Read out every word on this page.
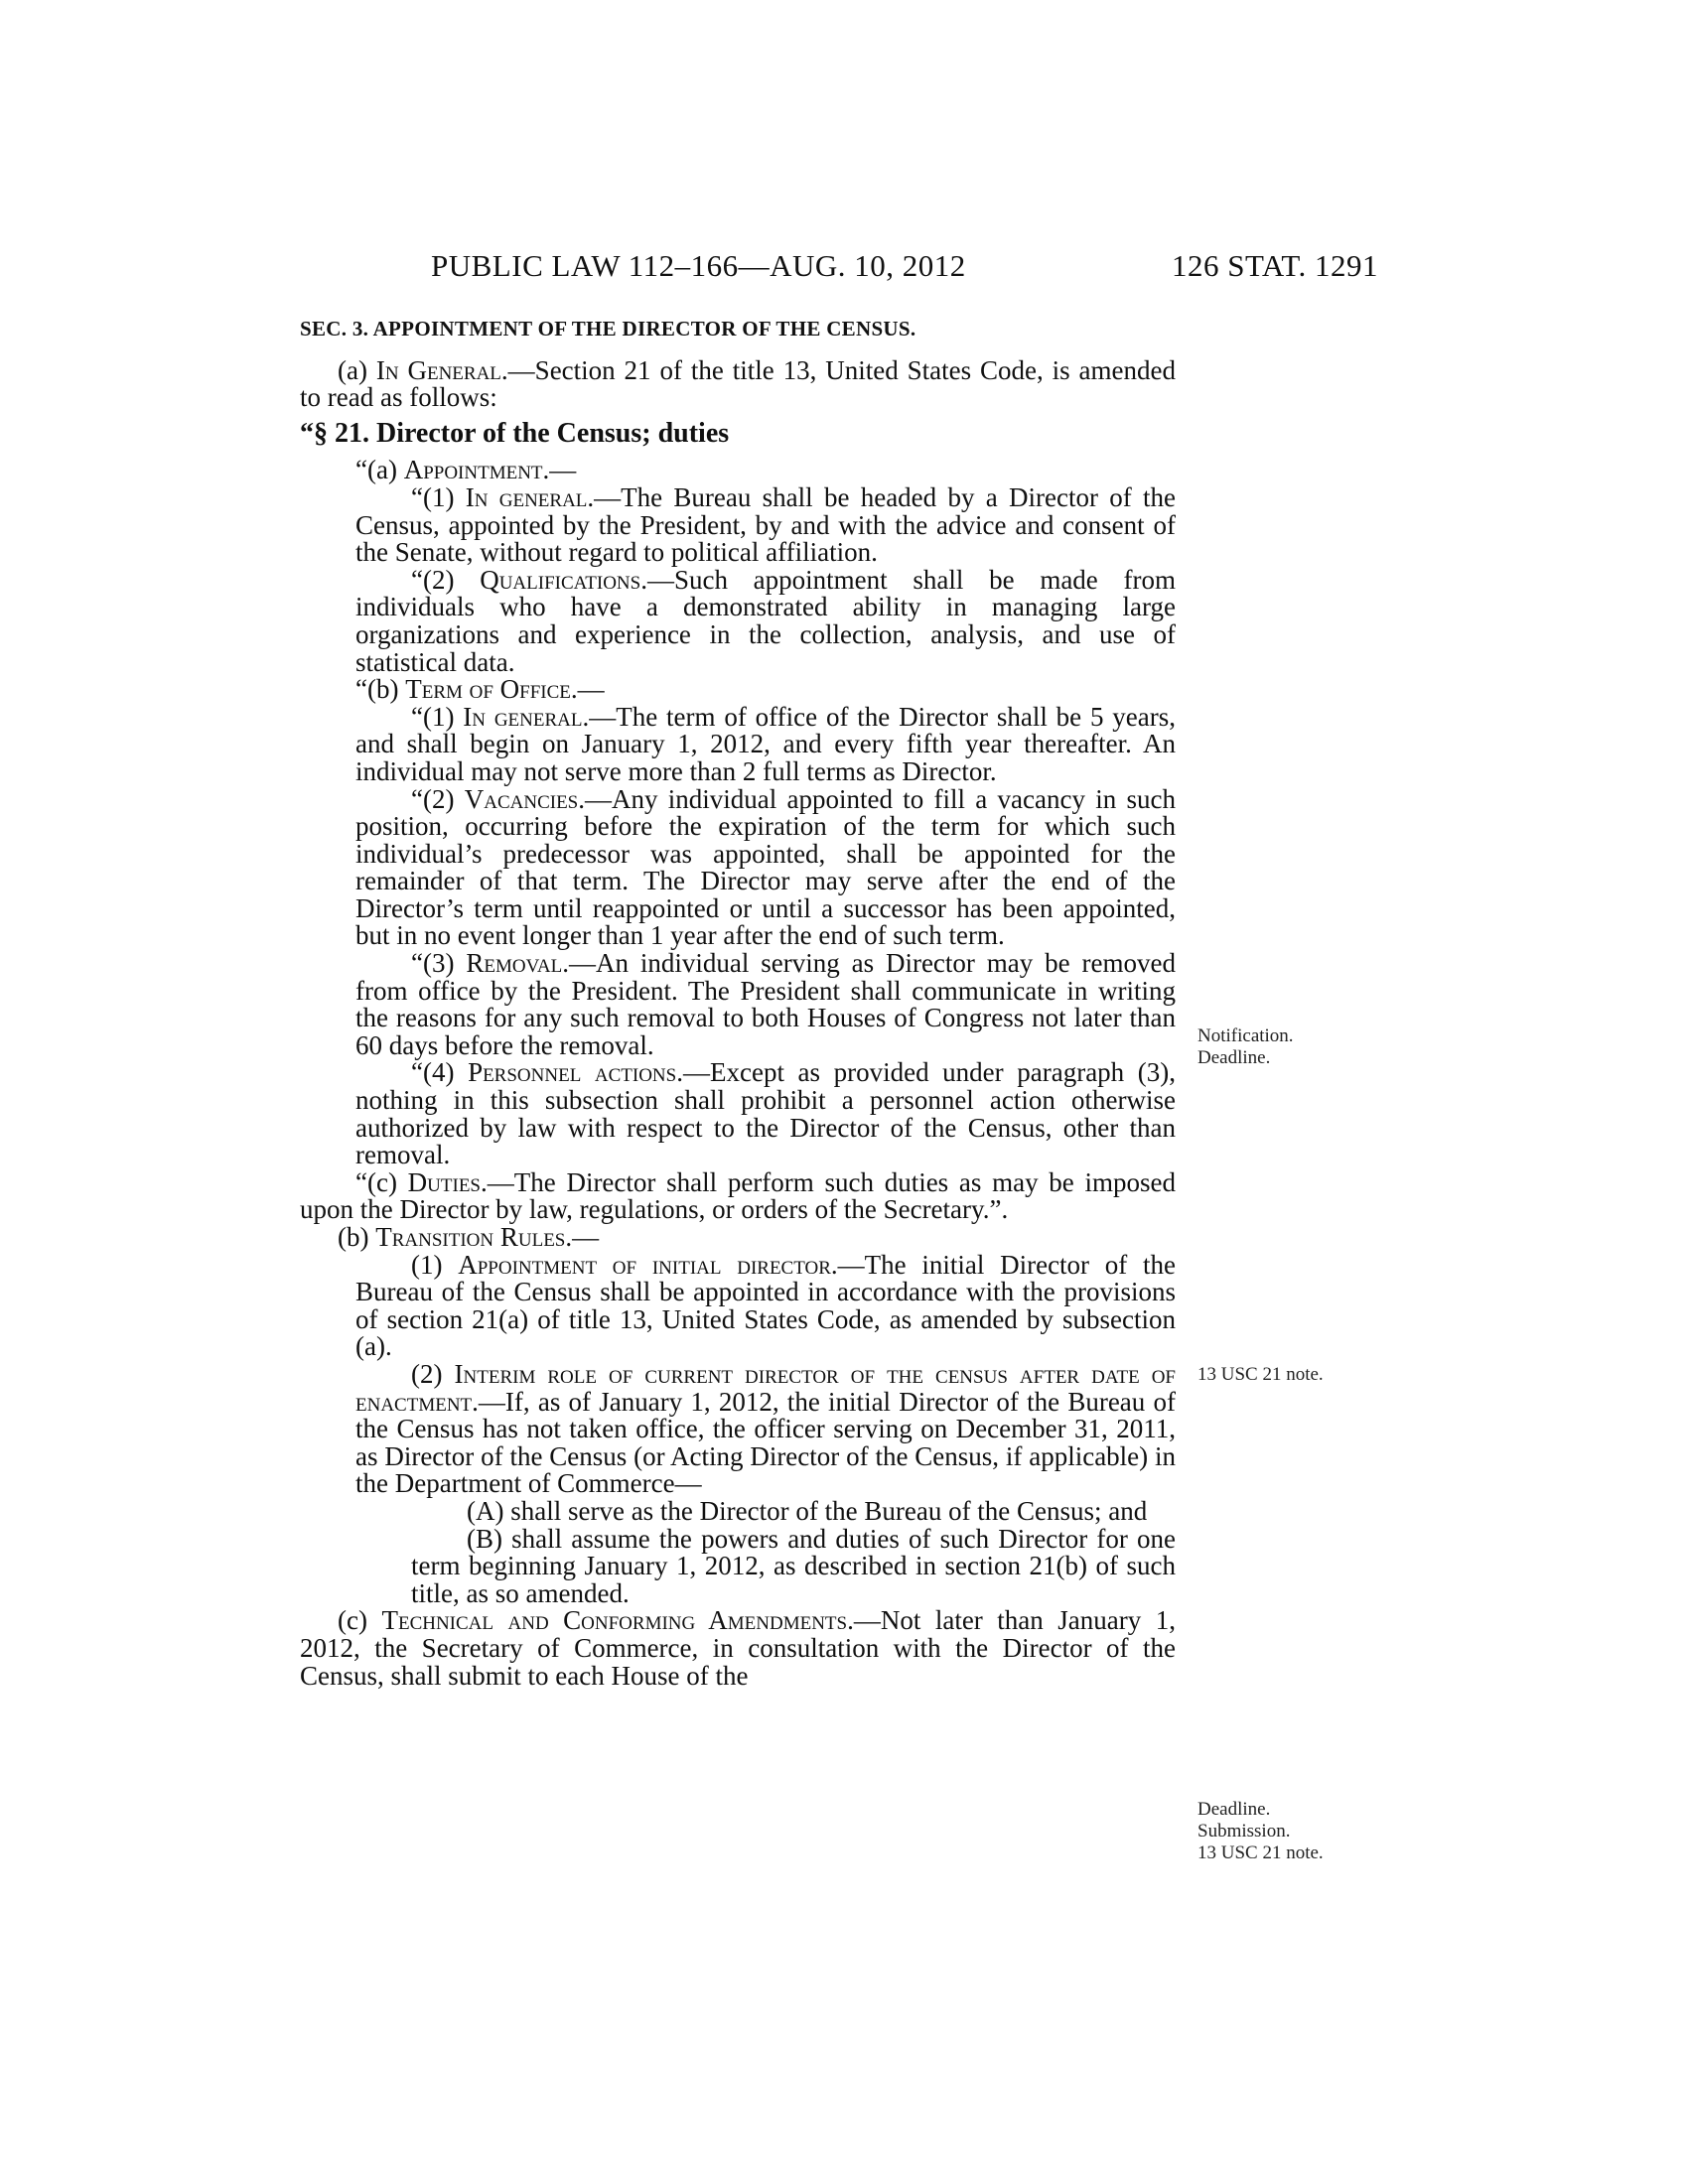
PUBLIC LAW 112–166—AUG. 10, 2012	126 STAT. 1291

SEC. 3. APPOINTMENT OF THE DIRECTOR OF THE CENSUS.

(a) In General.—Section 21 of the title 13, United States Code, is amended to read as follows:

“§ 21. Director of the Census; duties

“(a) Appointment.—

“(1) In general.—The Bureau shall be headed by a Director of the Census, appointed by the President, by and with the advice and consent of the Senate, without regard to political affiliation.

“(2) Qualifications.—Such appointment shall be made from individuals who have a demonstrated ability in managing large organizations and experience in the collection, analysis, and use of statistical data.

“(b) Term of Office.—

“(1) In general.—The term of office of the Director shall be 5 years, and shall begin on January 1, 2012, and every fifth year thereafter. An individual may not serve more than 2 full terms as Director.

“(2) Vacancies.—Any individual appointed to fill a vacancy in such position, occurring before the expiration of the term for which such individual’s predecessor was appointed, shall be appointed for the remainder of that term. The Director may serve after the end of the Director’s term until reappointed or until a successor has been appointed, but in no event longer than 1 year after the end of such term.

“(3) Removal.—An individual serving as Director may be removed from office by the President. The President shall communicate in writing the reasons for any such removal to both Houses of Congress not later than 60 days before the removal.

“(4) Personnel actions.—Except as provided under paragraph (3), nothing in this subsection shall prohibit a personnel action otherwise authorized by law with respect to the Director of the Census, other than removal.

“(c) Duties.—The Director shall perform such duties as may be imposed upon the Director by law, regulations, or orders of the Secretary.”.

(b) Transition Rules.—

(1) Appointment of initial director.—The initial Director of the Bureau of the Census shall be appointed in accordance with the provisions of section 21(a) of title 13, United States Code, as amended by subsection (a).

(2) Interim role of current director of the census after date of enactment.—If, as of January 1, 2012, the initial Director of the Bureau of the Census has not taken office, the officer serving on December 31, 2011, as Director of the Census (or Acting Director of the Census, if applicable) in the Department of Commerce—

(A) shall serve as the Director of the Bureau of the Census; and

(B) shall assume the powers and duties of such Director for one term beginning January 1, 2012, as described in section 21(b) of such title, as so amended.

(c) Technical and Conforming Amendments.—Not later than January 1, 2012, the Secretary of Commerce, in consultation with the Director of the Census, shall submit to each House of the

Notification.
Deadline.
13 USC 21 note.
Deadline.
Submission.
13 USC 21 note.
